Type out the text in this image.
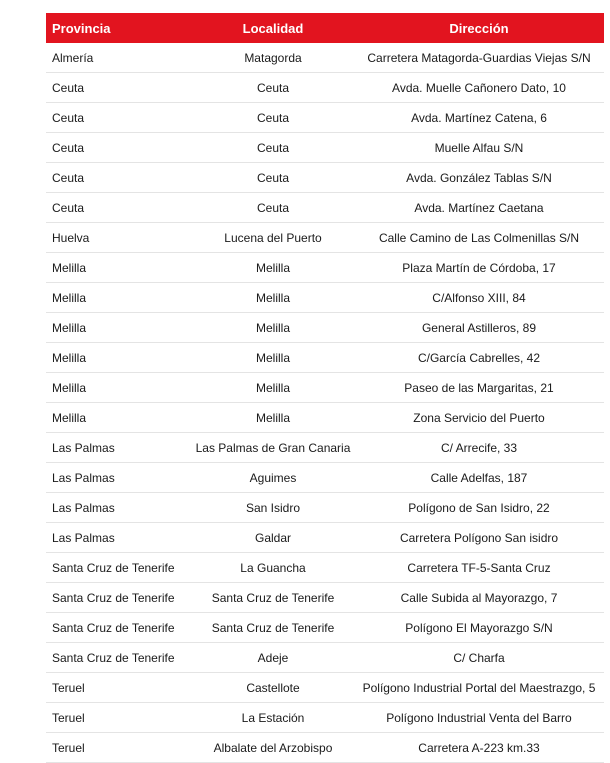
Provincia	Localidad	Dirección
Almería	Matagorda	Carretera Matagorda-Guardias Viejas S/N
Ceuta	Ceuta	Avda. Muelle Cañonero Dato, 10
Ceuta	Ceuta	Avda. Martínez Catena, 6
Ceuta	Ceuta	Muelle Alfau S/N
Ceuta	Ceuta	Avda. González Tablas S/N
Ceuta	Ceuta	Avda. Martínez Caetana
Huelva	Lucena del Puerto	Calle Camino de Las Colmenillas S/N
Melilla	Melilla	Plaza Martín de Córdoba, 17
Melilla	Melilla	C/Alfonso XIII, 84
Melilla	Melilla	General Astilleros, 89
Melilla	Melilla	C/García Cabrelles, 42
Melilla	Melilla	Paseo de las Margaritas, 21
Melilla	Melilla	Zona Servicio del Puerto
Las Palmas	Las Palmas de Gran Canaria	C/ Arrecife, 33
Las Palmas	Aguimes	Calle Adelfas, 187
Las Palmas	San Isidro	Polígono de San Isidro, 22
Las Palmas	Galdar	Carretera Polígono San isidro
Santa Cruz de Tenerife	La Guancha	Carretera TF-5-Santa Cruz
Santa Cruz de Tenerife	Santa Cruz de Tenerife	Calle Subida al Mayorazgo, 7
Santa Cruz de Tenerife	Santa Cruz de Tenerife	Polígono El Mayorazgo S/N
Santa Cruz de Tenerife	Adeje	C/ Charfa
Teruel	Castellote	Polígono Industrial Portal del Maestrazgo, 5
Teruel	La Estación	Polígono Industrial Venta del Barro
Teruel	Albalate del Arzobispo	Carretera A-223 km.33
